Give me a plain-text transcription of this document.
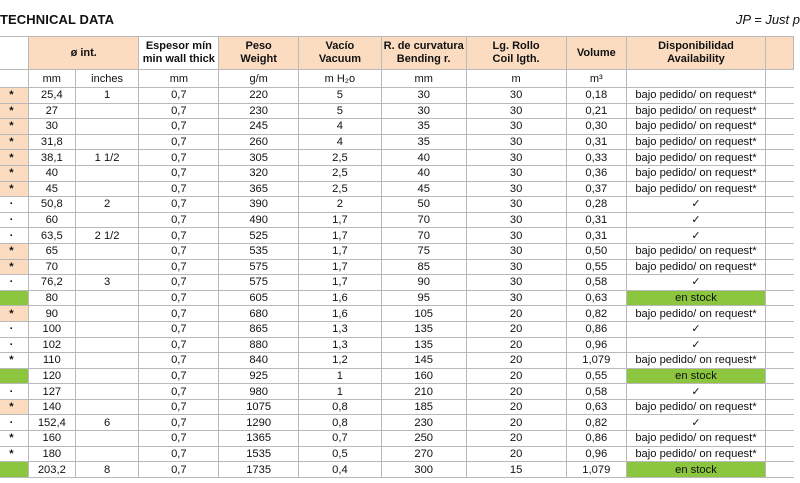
TECHNICAL DATA	JP = Just p
	ø int.		Espesor mín min wall thick	Peso Weight	Vacío Vacuum	R. de curvatura Bending r.	Lg. Rollo Coil lgth.	Volume	Disponibilidad Availability	
	mm	inches	mm	g/m	m H₂o	mm	m	m³		
*	25,4	1	0,7	220	5	30	30	0,18	bajo pedido/ on request*	
*	27		0,7	230	5	30	30	0,21	bajo pedido/ on request*	
*	30		0,7	245	4	35	30	0,30	bajo pedido/ on request*	
*	31,8		0,7	260	4	35	30	0,31	bajo pedido/ on request*	
*	38,1	1 1/2	0,7	305	2,5	40	30	0,33	bajo pedido/ on request*	
*	40		0,7	320	2,5	40	30	0,36	bajo pedido/ on request*	
*	45		0,7	365	2,5	45	30	0,37	bajo pedido/ on request*	
·	50,8	2	0,7	390	2	50	30	0,28	✓	
·	60		0,7	490	1,7	70	30	0,31	✓	
·	63,5	2 1/2	0,7	525	1,7	70	30	0,31	✓	
*	65		0,7	535	1,7	75	30	0,50	bajo pedido/ on request*	
*	70		0,7	575	1,7	85	30	0,55	bajo pedido/ on request*	
·	76,2	3	0,7	575	1,7	90	30	0,58	✓	
	80		0,7	605	1,6	95	30	0,63	en stock	
*	90		0,7	680	1,6	105	20	0,82	bajo pedido/ on request*	
·	100		0,7	865	1,3	135	20	0,86	✓	
·	102		0,7	880	1,3	135	20	0,96	✓	
*	110		0,7	840	1,2	145	20	1,079	bajo pedido/ on request*	
	120		0,7	925	1	160	20	0,55	en stock	
·	127		0,7	980	1	210	20	0,58	✓	
*	140		0,7	1075	0,8	185	20	0,63	bajo pedido/ on request*	
·	152,4	6	0,7	1290	0,8	230	20	0,82	✓	
*	160		0,7	1365	0,7	250	20	0,86	bajo pedido/ on request*	
*	180		0,7	1535	0,5	270	20	0,96	bajo pedido/ on request*	
	203,2	8	0,7	1735	0,4	300	15	1,079	en stock	
